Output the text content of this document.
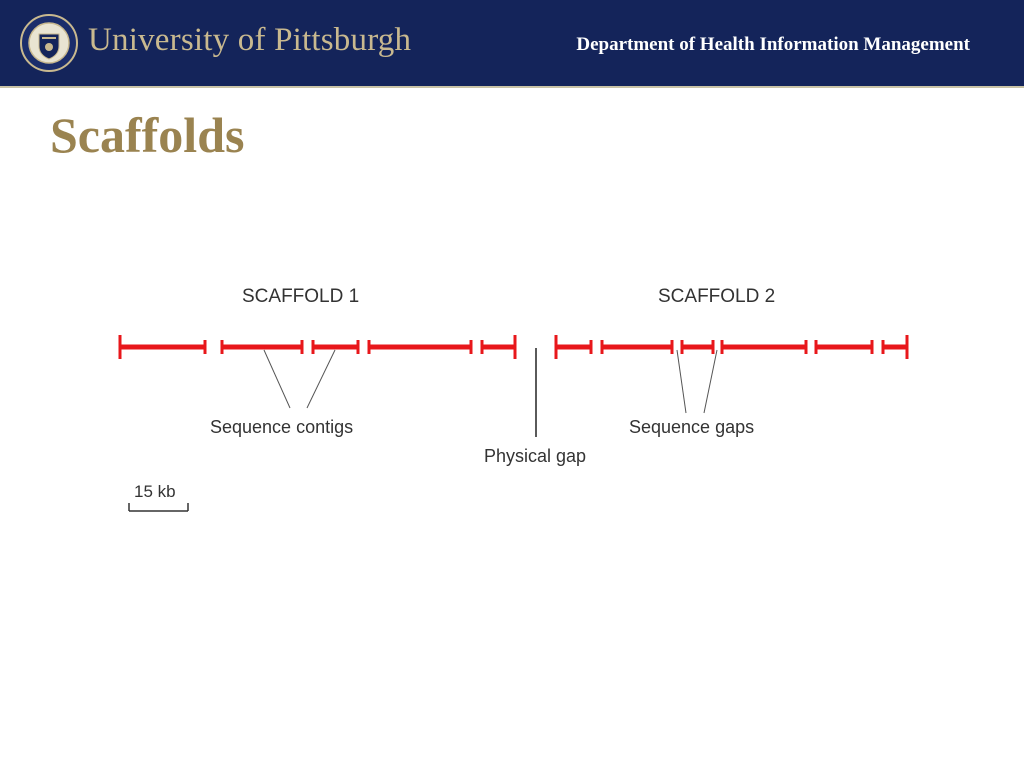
University of Pittsburgh	Department of Health Information Management
Scaffolds
SCAFFOLD 1	SCAFFOLD 2
Sequence contigs
Physical gap
Sequence gaps
15 kb
